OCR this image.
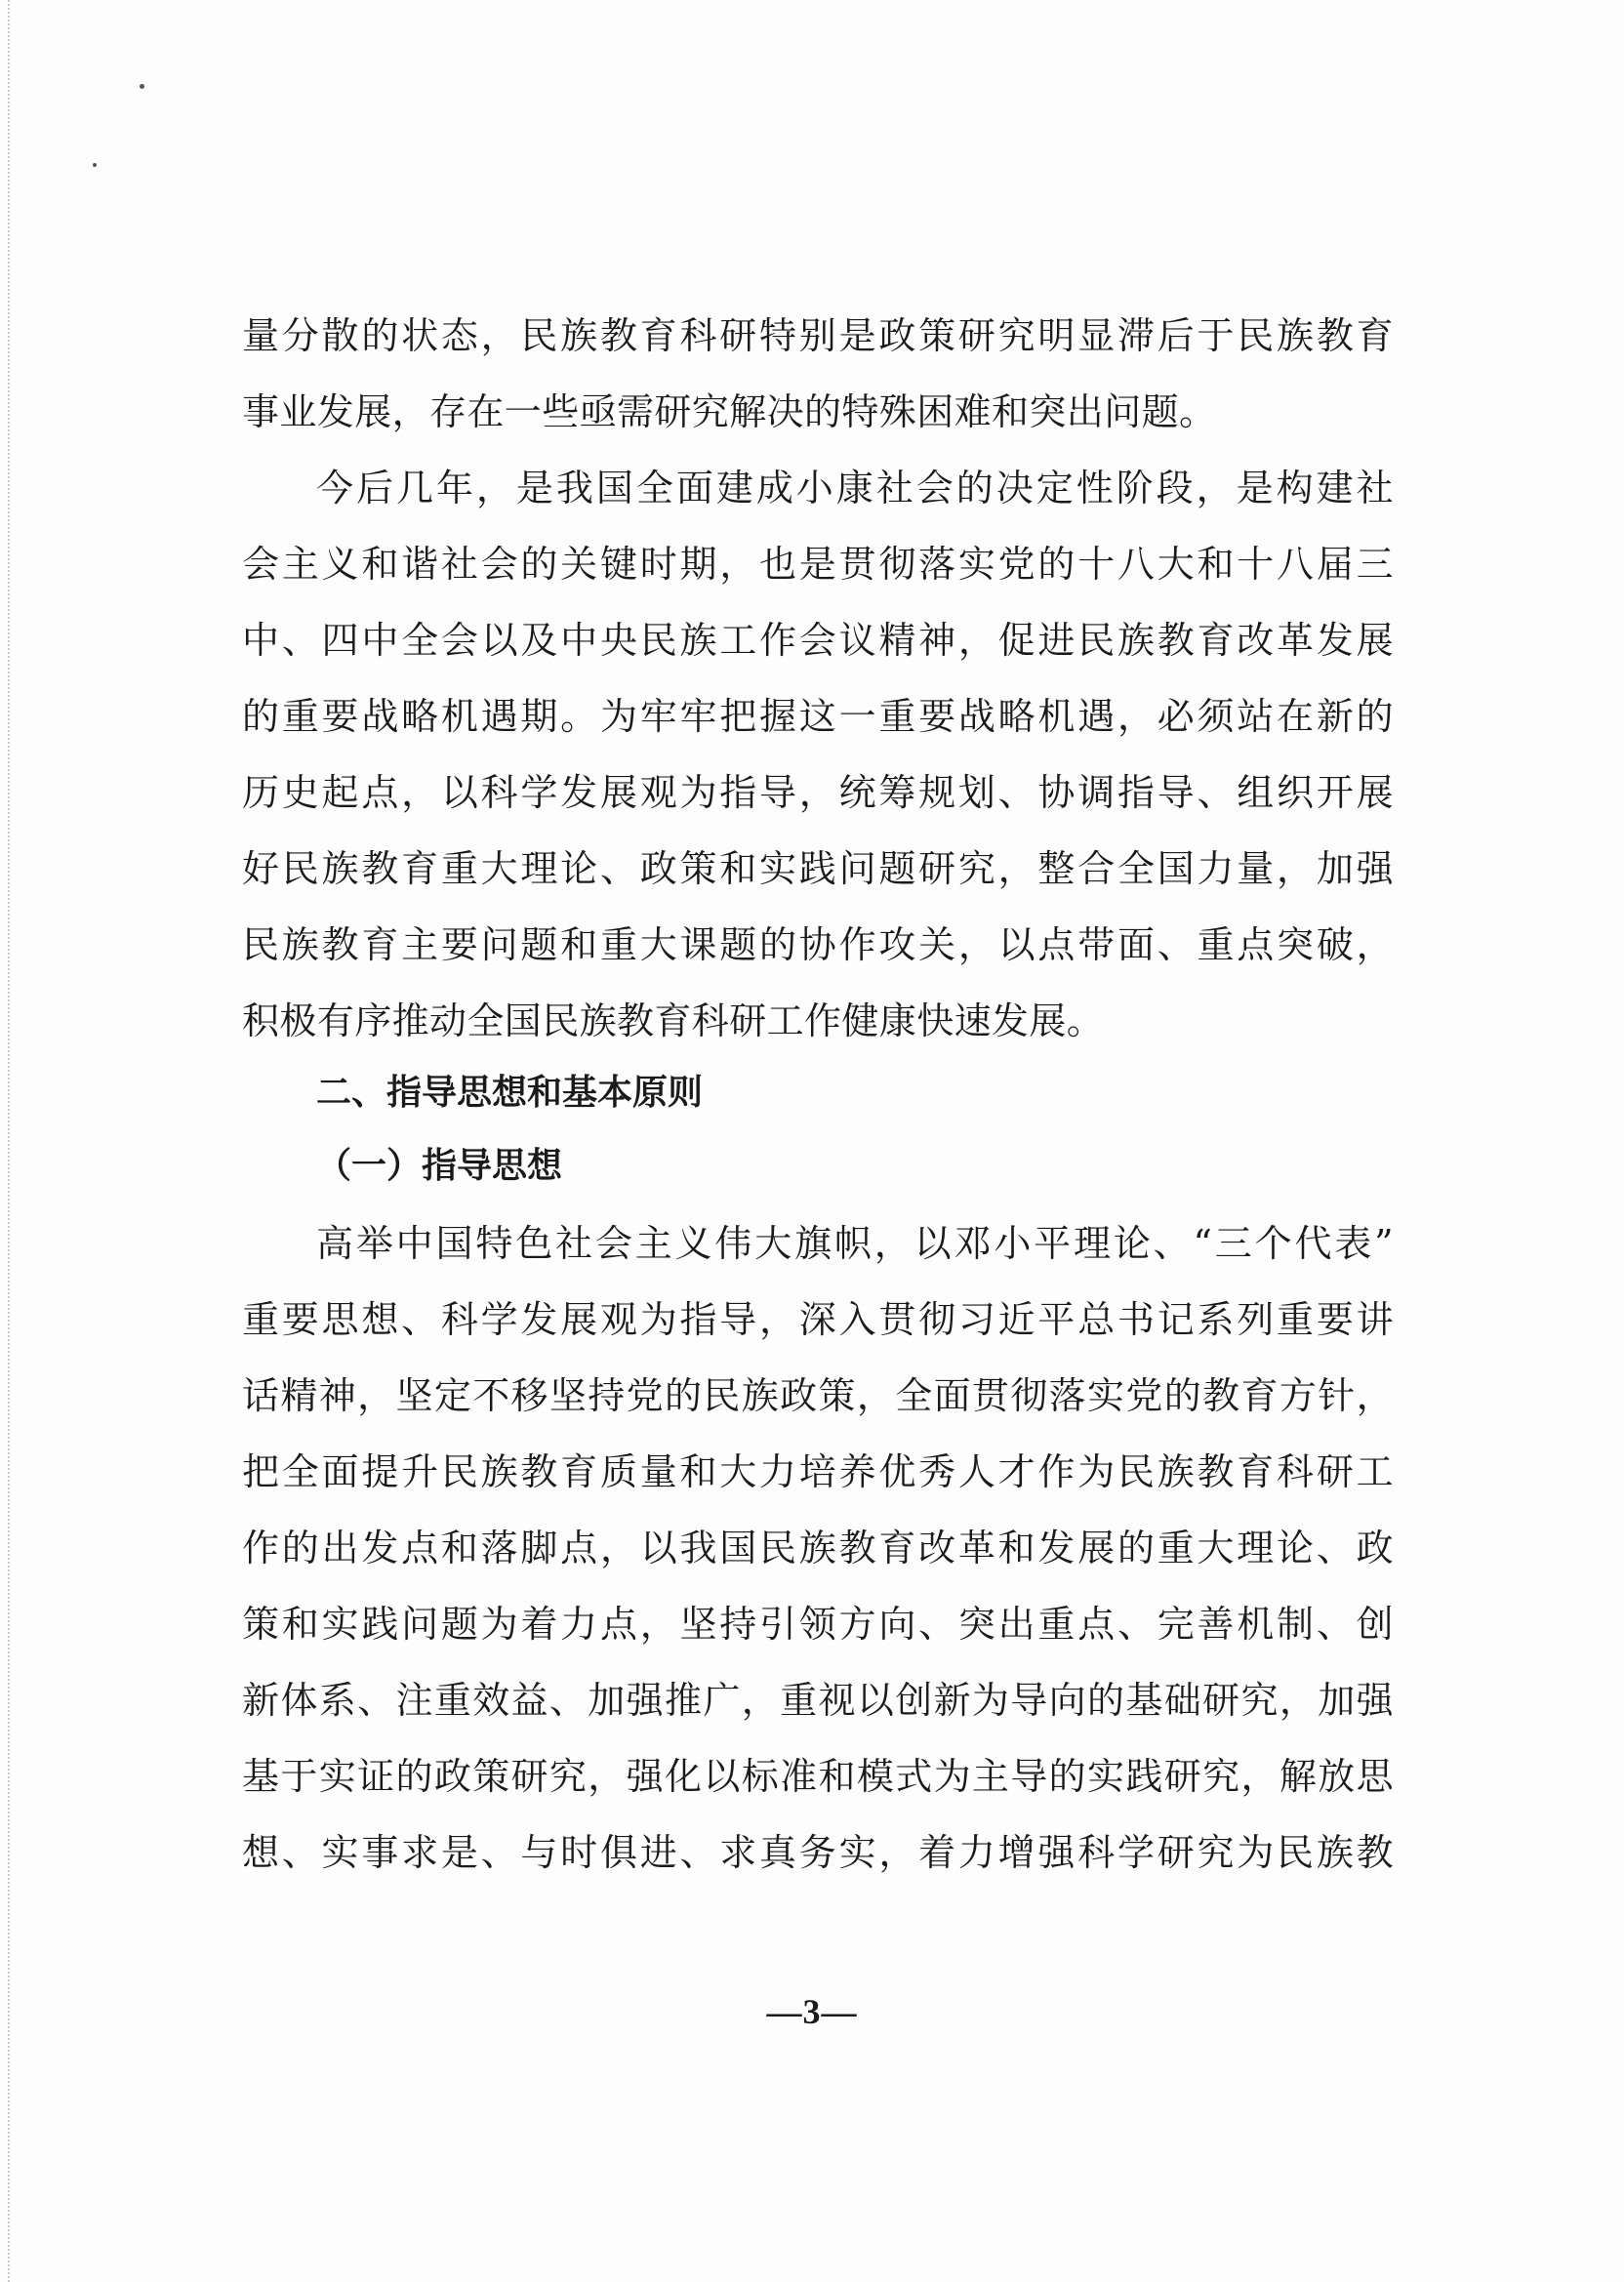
量分散的状态，民族教育科研特别是政策研究明显滞后于民族教育
事业发展，存在一些亟需研究解决的特殊困难和突出问题。
今后几年，是我国全面建成小康社会的决定性阶段，是构建社
会主义和谐社会的关键时期，也是贯彻落实党的十八大和十八届三
中、四中全会以及中央民族工作会议精神，促进民族教育改革发展
的重要战略机遇期。为牢牢把握这一重要战略机遇，必须站在新的
历史起点，以科学发展观为指导，统筹规划、协调指导、组织开展
好民族教育重大理论、政策和实践问题研究，整合全国力量，加强
民族教育主要问题和重大课题的协作攻关，以点带面、重点突破，
积极有序推动全国民族教育科研工作健康快速发展。
二、指导思想和基本原则
（一）指导思想
高举中国特色社会主义伟大旗帜，以邓小平理论、“三个代表”
重要思想、科学发展观为指导，深入贯彻习近平总书记系列重要讲
话精神，坚定不移坚持党的民族政策，全面贯彻落实党的教育方针，
把全面提升民族教育质量和大力培养优秀人才作为民族教育科研工
作的出发点和落脚点，以我国民族教育改革和发展的重大理论、政
策和实践问题为着力点，坚持引领方向、突出重点、完善机制、创
新体系、注重效益、加强推广，重视以创新为导向的基础研究，加强
基于实证的政策研究，强化以标准和模式为主导的实践研究，解放思
想、实事求是、与时俱进、求真务实，着力增强科学研究为民族教
—3—
